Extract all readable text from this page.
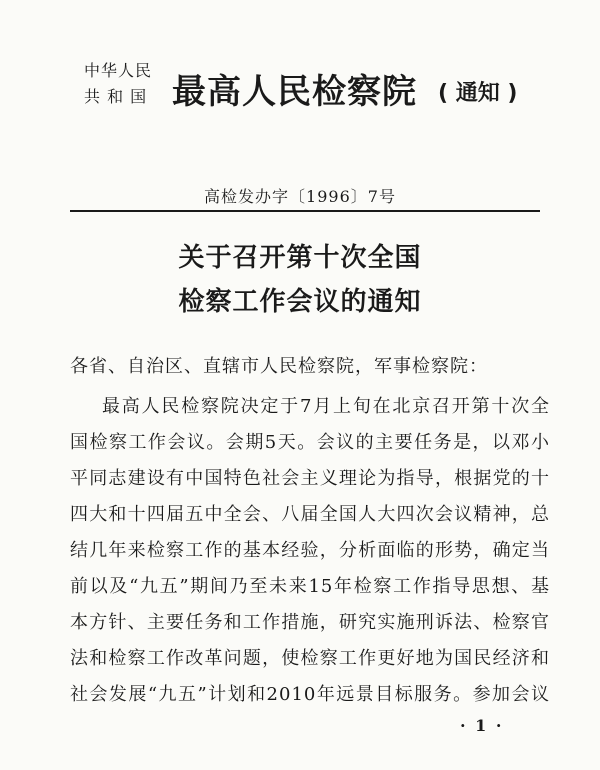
中华人民
共 和 国 最高人民检察院 ( 通知 )
高检发办字〔1996〕7号
关于召开第十次全国
检察工作会议的通知
各省、自治区、直辖市人民检察院，军事检察院：
最高人民检察院决定于7月上旬在北京召开第十次全
国检察工作会议。会期5天。会议的主要任务是，以邓小
平同志建设有中国特色社会主义理论为指导，根据党的十
四大和十四届五中全会、八届全国人大四次会议精神，总
结几年来检察工作的基本经验，分析面临的形势，确定当
前以及“九五”期间乃至未来15年检察工作指导思想、基
本方针、主要任务和工作措施，研究实施刑诉法、检察官
法和检察工作改革问题，使检察工作更好地为国民经济和
社会发展“九五”计划和2010年远景目标服务。参加会议
· 1 ·
